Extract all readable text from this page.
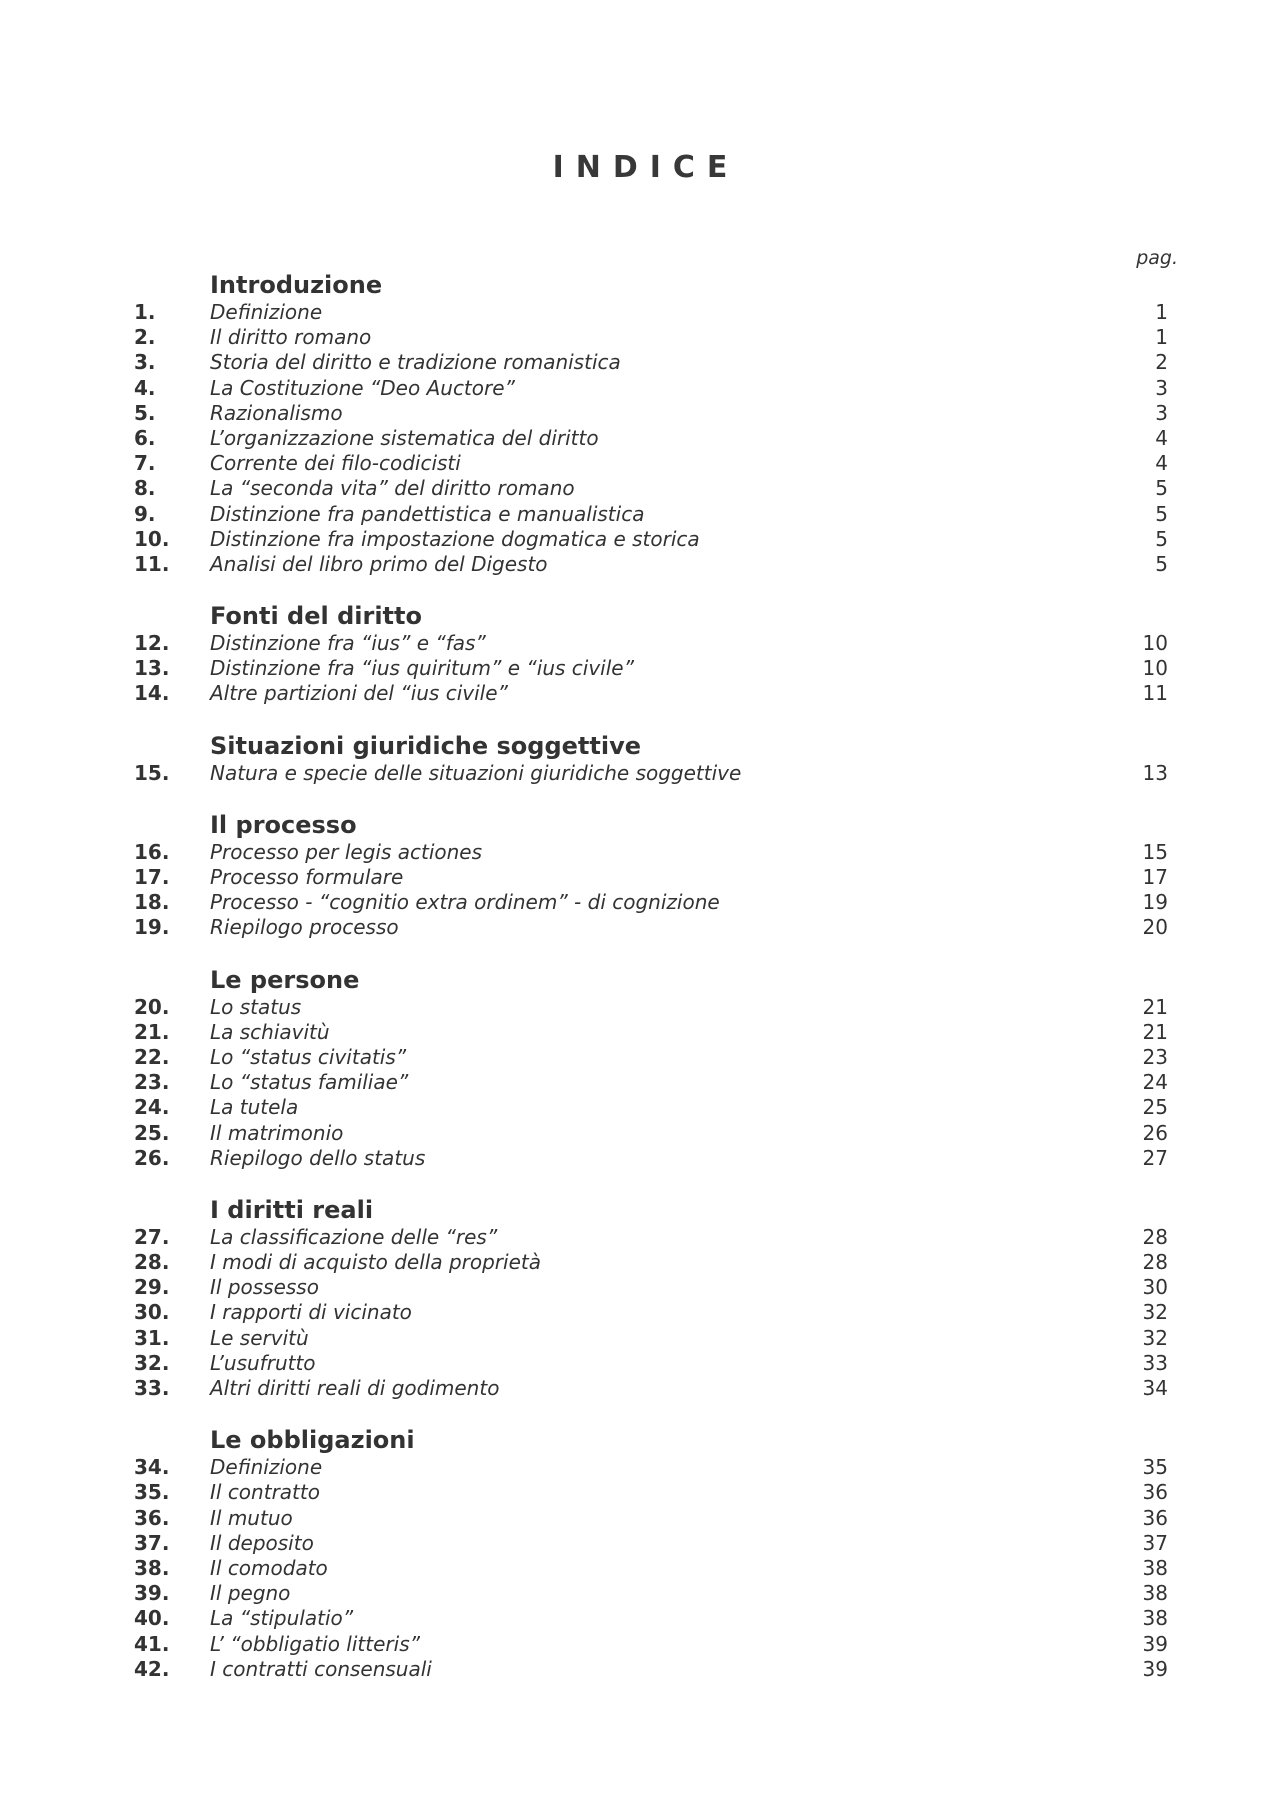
INDICE
pag.
Introduzione
1.	Definizione	1
2.	Il diritto romano	1
3.	Storia del diritto e tradizione romanistica	2
4.	La Costituzione “Deo Auctore”	3
5.	Razionalismo	3
6.	L’organizzazione sistematica del diritto	4
7.	Corrente dei filo-codicisti	4
8.	La “seconda vita” del diritto romano	5
9.	Distinzione fra pandettistica e manualistica	5
10. Distinzione fra impostazione dogmatica e storica	5
11. Analisi del libro primo del Digesto	5
Fonti del diritto
12. Distinzione fra “ius” e “fas”	10
13. Distinzione fra “ius quiritum” e “ius civile”	10
14. Altre partizioni del “ius civile”	11
Situazioni giuridiche soggettive
15. Natura e specie delle situazioni giuridiche soggettive	13
Il processo
16. Processo per legis actiones	15
17. Processo formulare	17
18. Processo - “cognitio extra ordinem” - di cognizione	19
19. Riepilogo processo	20
Le persone
20. Lo status	21
21. La schiavitù	21
22. Lo “status civitatis”	23
23. Lo “status familiae”	24
24. La tutela	25
25. Il matrimonio	26
26. Riepilogo dello status	27
I diritti reali
27. La classificazione delle “res”	28
28. I modi di acquisto della proprietà	28
29. Il possesso	30
30. I rapporti di vicinato	32
31. Le servitù	32
32. L’usufrutto	33
33. Altri diritti reali di godimento	34
Le obbligazioni
34. Definizione	35
35. Il contratto	36
36. Il mutuo	36
37. Il deposito	37
38. Il comodato	38
39. Il pegno	38
40. La “stipulatio”	38
41. L’ “obbligatio litteris”	39
42. I contratti consensuali	39
